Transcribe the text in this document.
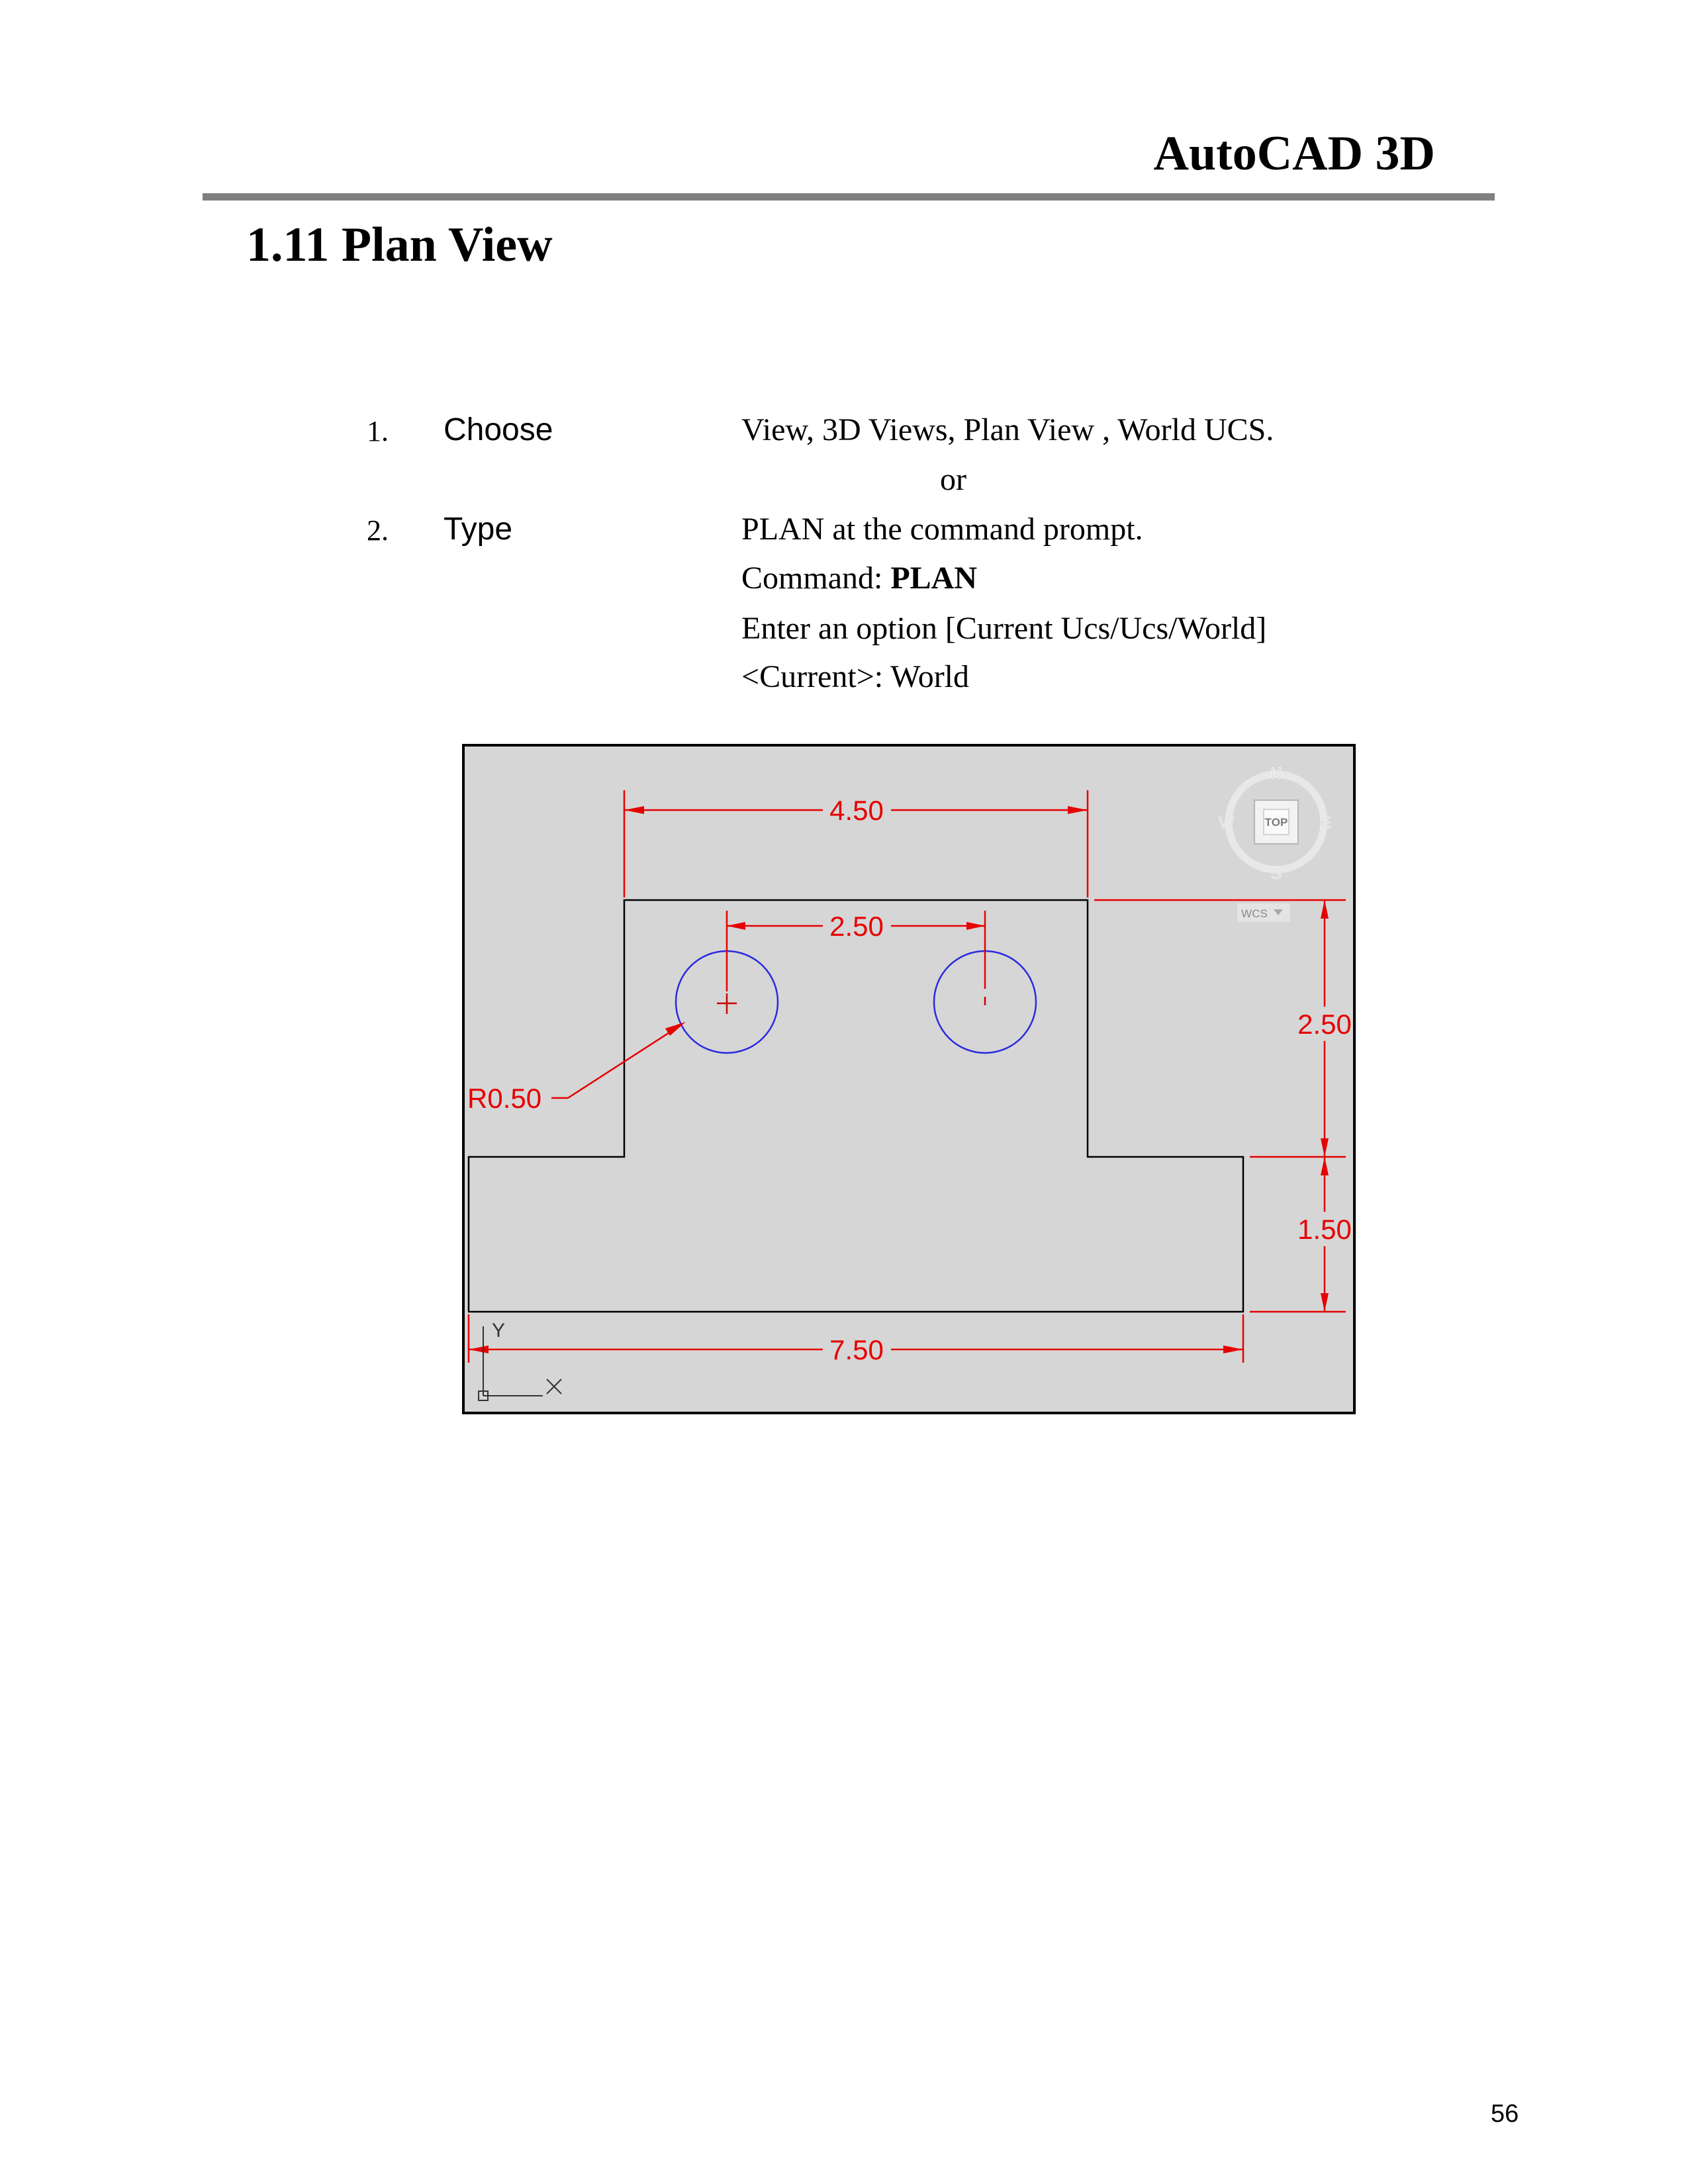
AutoCAD 3D
1.11 Plan View
1. Choose	View, 3D Views, Plan View , World UCS.
or
2. Type	PLAN at the command prompt.
Command: PLAN
Enter an option [Current Ucs/Ucs/World]
<Current>: World
4.50
2.50
R0.50
2.50
1.50
7.50
Y
TOP
N
S
E
W
WCS
56
